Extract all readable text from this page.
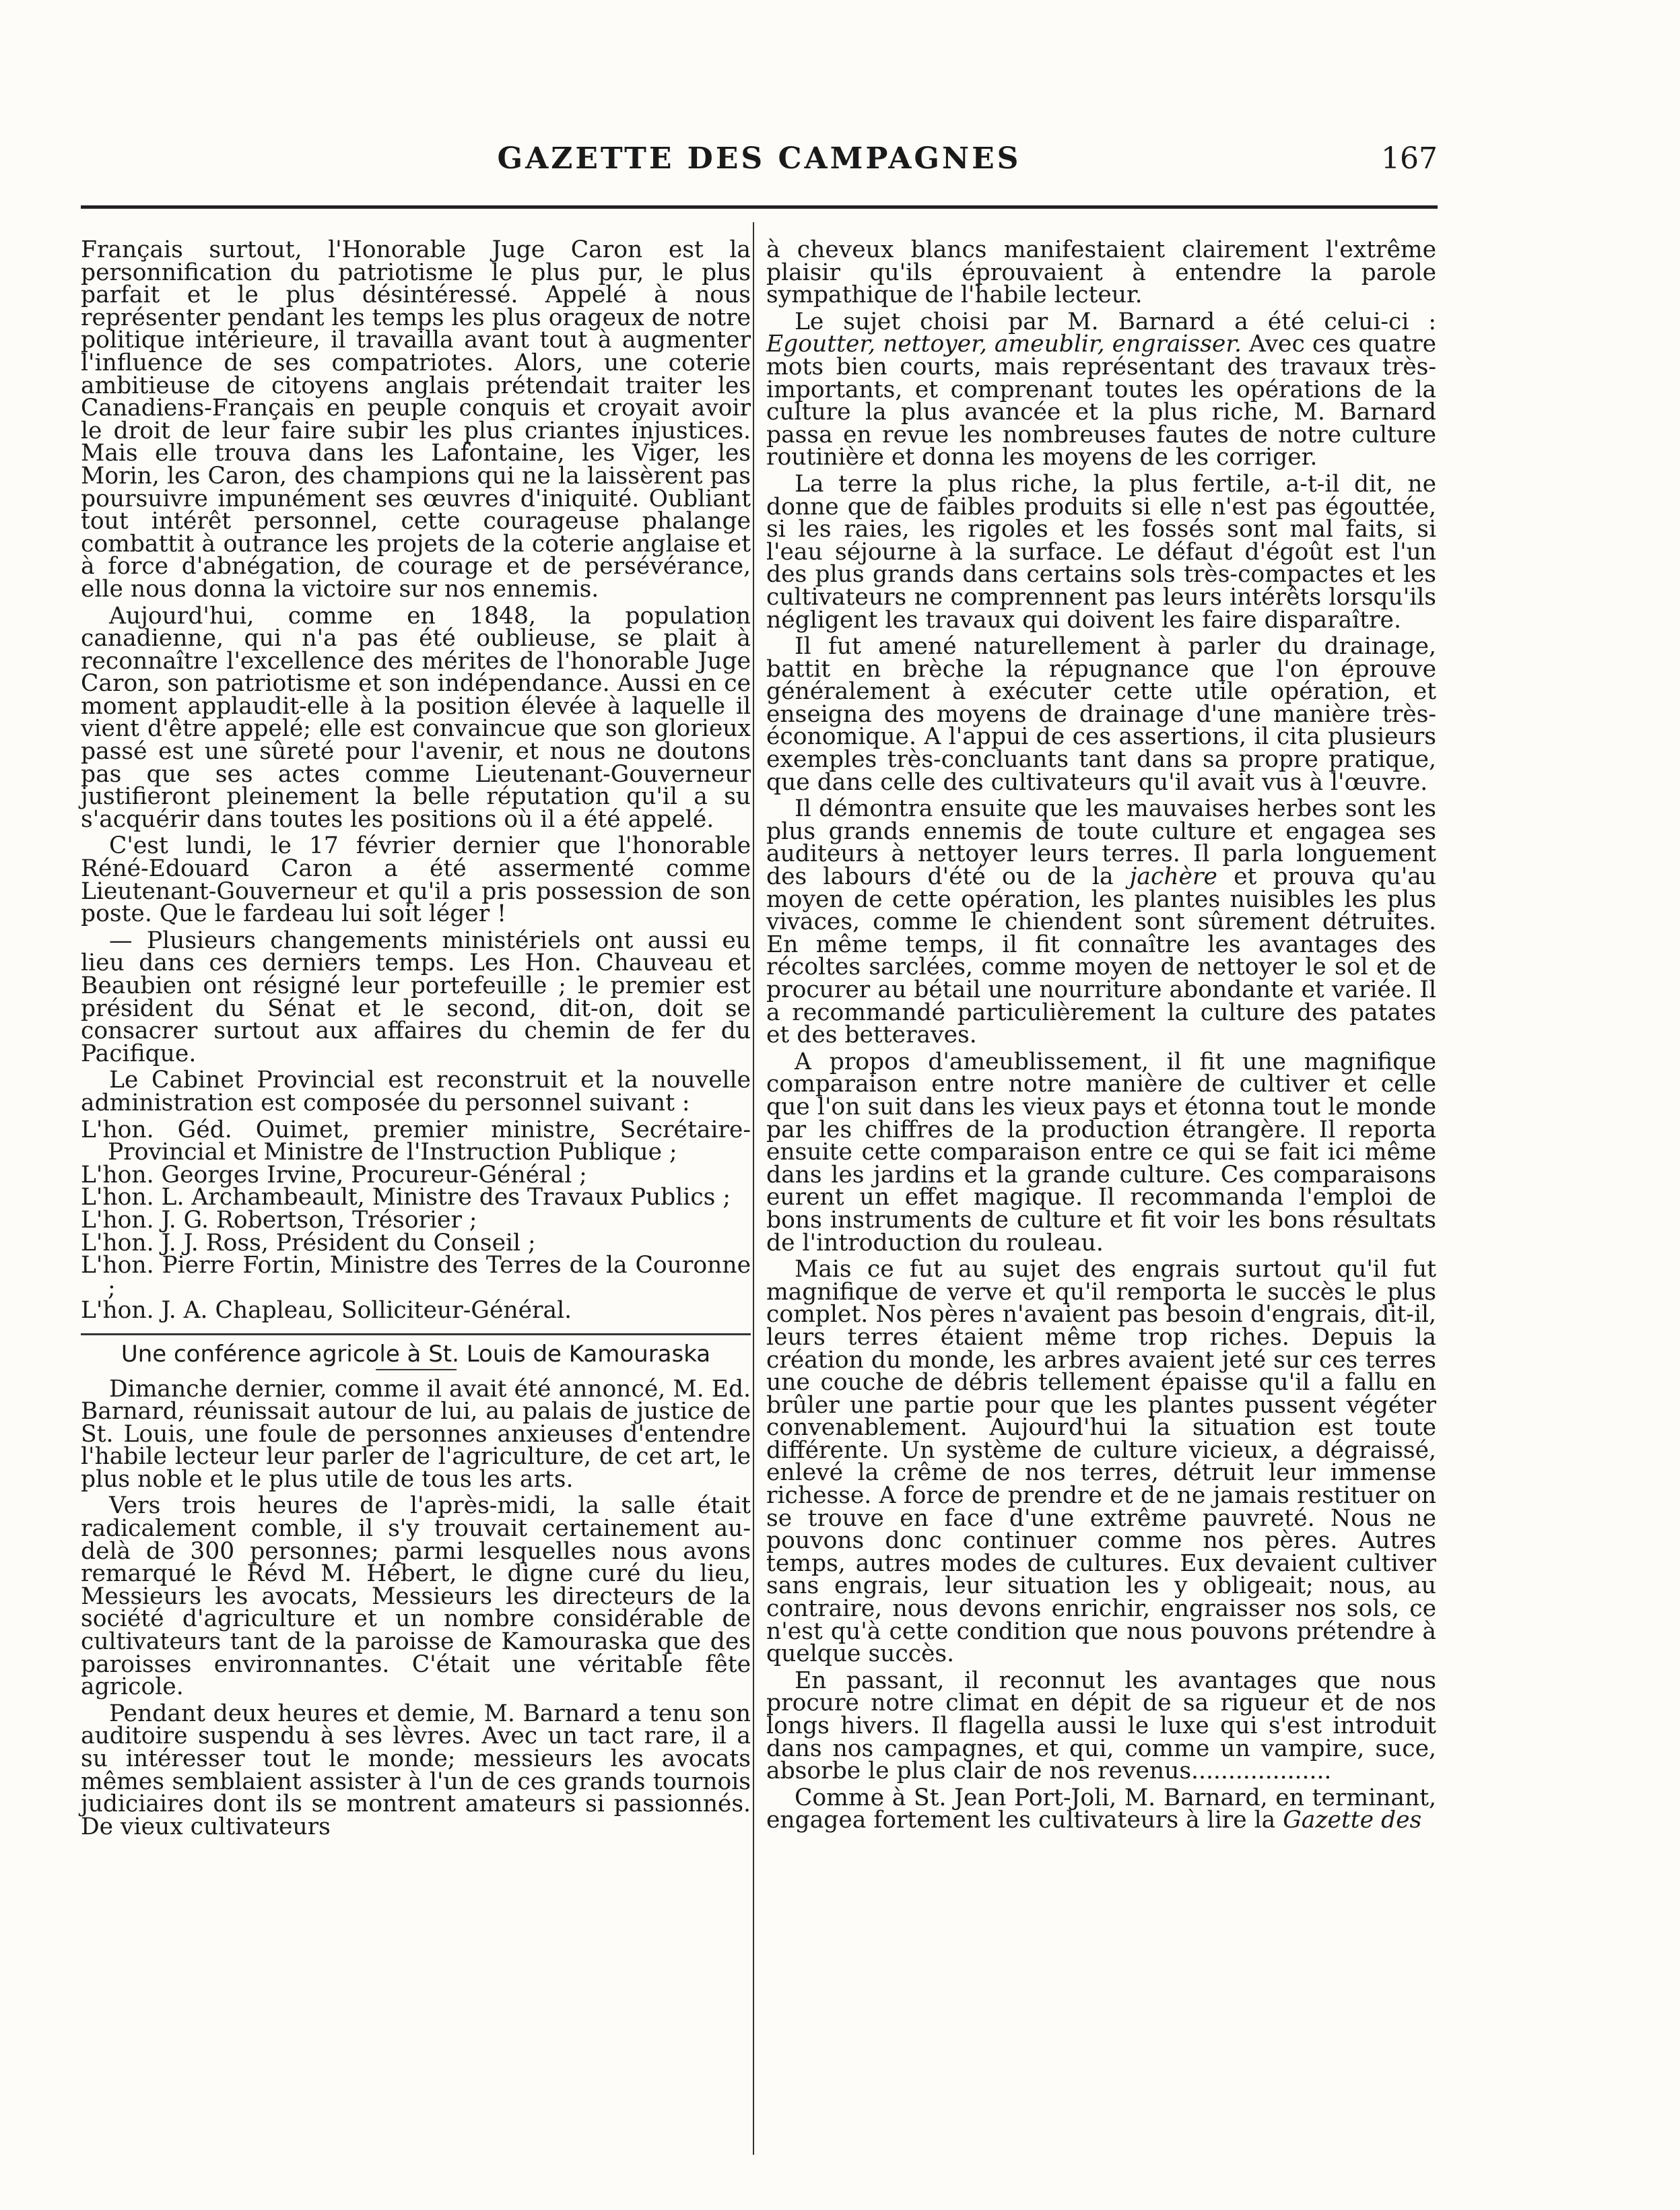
GAZETTE DES CAMPAGNES	167

Français surtout, l'Honorable Juge Caron est la personnification du patriotisme le plus pur, le plus parfait et le plus désintéressé. Appelé à nous représenter pendant les temps les plus orageux de notre politique intérieure, il travailla avant tout à augmenter l'influence de ses compatriotes. Alors, une coterie ambitieuse de citoyens anglais prétendait traiter les Canadiens-Français en peuple conquis et croyait avoir le droit de leur faire subir les plus criantes injustices. Mais elle trouva dans les Lafontaine, les Viger, les Morin, les Caron, des champions qui ne la laissèrent pas poursuivre impunément ses œuvres d'iniquité. Oubliant tout intérêt personnel, cette courageuse phalange combattit à outrance les projets de la coterie anglaise et à force d'abnégation, de courage et de persévérance, elle nous donna la victoire sur nos ennemis.

Aujourd'hui, comme en 1848, la population canadienne, qui n'a pas été oublieuse, se plait à reconnaître l'excellence des mérites de l'honorable Juge Caron, son patriotisme et son indépendance. Aussi en ce moment applaudit-elle à la position élevée à laquelle il vient d'être appelé; elle est convaincue que son glorieux passé est une sûreté pour l'avenir, et nous ne doutons pas que ses actes comme Lieutenant-Gouverneur justifieront pleinement la belle réputation qu'il a su s'acquérir dans toutes les positions où il a été appelé.

C'est lundi, le 17 février dernier que l'honorable Réné-Edouard Caron a été assermenté comme Lieutenant-Gouverneur et qu'il a pris possession de son poste. Que le fardeau lui soit léger !

— Plusieurs changements ministériels ont aussi eu lieu dans ces derniers temps. Les Hon. Chauveau et Beaubien ont résigné leur portefeuille ; le premier est président du Sénat et le second, dit-on, doit se consacrer surtout aux affaires du chemin de fer du Pacifique.

Le Cabinet Provincial est reconstruit et la nouvelle administration est composée du personnel suivant :

L'hon. Géd. Ouimet, premier ministre, Secrétaire-Provincial et Ministre de l'Instruction Publique ;
L'hon. Georges Irvine, Procureur-Général ;
L'hon. L. Archambeault, Ministre des Travaux Publics ;
L'hon. J. G. Robertson, Trésorier ;
L'hon. J. J. Ross, Président du Conseil ;
L'hon. Pierre Fortin, Ministre des Terres de la Couronne ;
L'hon. J. A. Chapleau, Solliciteur-Général.
Une conférence agricole à St. Louis de Kamouraska

Dimanche dernier, comme il avait été annoncé, M. Ed. Barnard, réunissait autour de lui, au palais de justice de St. Louis, une foule de personnes anxieuses d'entendre l'habile lecteur leur parler de l'agriculture, de cet art, le plus noble et le plus utile de tous les arts.

Vers trois heures de l'après-midi, la salle était radicalement comble, il s'y trouvait certainement au-delà de 300 personnes; parmi lesquelles nous avons remarqué le Révd M. Hébert, le digne curé du lieu, Messieurs les avocats, Messieurs les directeurs de la société d'agriculture et un nombre considérable de cultivateurs tant de la paroisse de Kamouraska que des paroisses environnantes. C'était une véritable fête agricole.

Pendant deux heures et demie, M. Barnard a tenu son auditoire suspendu à ses lèvres. Avec un tact rare, il a su intéresser tout le monde; messieurs les avocats mêmes semblaient assister à l'un de ces grands tournois judiciaires dont ils se montrent amateurs si passionnés. De vieux cultivateurs

à cheveux blancs manifestaient clairement l'extrême plaisir qu'ils éprouvaient à entendre la parole sympathique de l'habile lecteur.

Le sujet choisi par M. Barnard a été celui-ci : Egoutter, nettoyer, ameublir, engraisser. Avec ces quatre mots bien courts, mais représentant des travaux très-importants, et comprenant toutes les opérations de la culture la plus avancée et la plus riche, M. Barnard passa en revue les nombreuses fautes de notre culture routinière et donna les moyens de les corriger.

La terre la plus riche, la plus fertile, a-t-il dit, ne donne que de faibles produits si elle n'est pas égouttée, si les raies, les rigoles et les fossés sont mal faits, si l'eau séjourne à la surface. Le défaut d'égoût est l'un des plus grands dans certains sols très-compactes et les cultivateurs ne comprennent pas leurs intérêts lorsqu'ils négligent les travaux qui doivent les faire disparaître.

Il fut amené naturellement à parler du drainage, battit en brèche la répugnance que l'on éprouve généralement à exécuter cette utile opération, et enseigna des moyens de drainage d'une manière très-économique. A l'appui de ces assertions, il cita plusieurs exemples très-concluants tant dans sa propre pratique, que dans celle des cultivateurs qu'il avait vus à l'œuvre.

Il démontra ensuite que les mauvaises herbes sont les plus grands ennemis de toute culture et engagea ses auditeurs à nettoyer leurs terres. Il parla longuement des labours d'été ou de la jachère et prouva qu'au moyen de cette opération, les plantes nuisibles les plus vivaces, comme le chiendent sont sûrement détruites. En même temps, il fit connaître les avantages des récoltes sarclées, comme moyen de nettoyer le sol et de procurer au bétail une nourriture abondante et variée. Il a recommandé particulièrement la culture des patates et des betteraves.

A propos d'ameublissement, il fit une magnifique comparaison entre notre manière de cultiver et celle que l'on suit dans les vieux pays et étonna tout le monde par les chiffres de la production étrangère. Il reporta ensuite cette comparaison entre ce qui se fait ici même dans les jardins et la grande culture. Ces comparaisons eurent un effet magique. Il recommanda l'emploi de bons instruments de culture et fit voir les bons résultats de l'introduction du rouleau.

Mais ce fut au sujet des engrais surtout qu'il fut magnifique de verve et qu'il remporta le succès le plus complet. Nos pères n'avaient pas besoin d'engrais, dit-il, leurs terres étaient même trop riches. Depuis la création du monde, les arbres avaient jeté sur ces terres une couche de débris tellement épaisse qu'il a fallu en brûler une partie pour que les plantes pussent végéter convenablement. Aujourd'hui la situation est toute différente. Un système de culture vicieux, a dégraissé, enlevé la crême de nos terres, détruit leur immense richesse. A force de prendre et de ne jamais restituer on se trouve en face d'une extrême pauvreté. Nous ne pouvons donc continuer comme nos pères. Autres temps, autres modes de cultures. Eux devaient cultiver sans engrais, leur situation les y obligeait; nous, au contraire, nous devons enrichir, engraisser nos sols, ce n'est qu'à cette condition que nous pouvons prétendre à quelque succès.

En passant, il reconnut les avantages que nous procure notre climat en dépit de sa rigueur et de nos longs hivers. Il flagella aussi le luxe qui s'est introduit dans nos campagnes, et qui, comme un vampire, suce, absorbe le plus clair de nos revenus...................

Comme à St. Jean Port-Joli, M. Barnard, en terminant, engagea fortement les cultivateurs à lire la Gazette des
